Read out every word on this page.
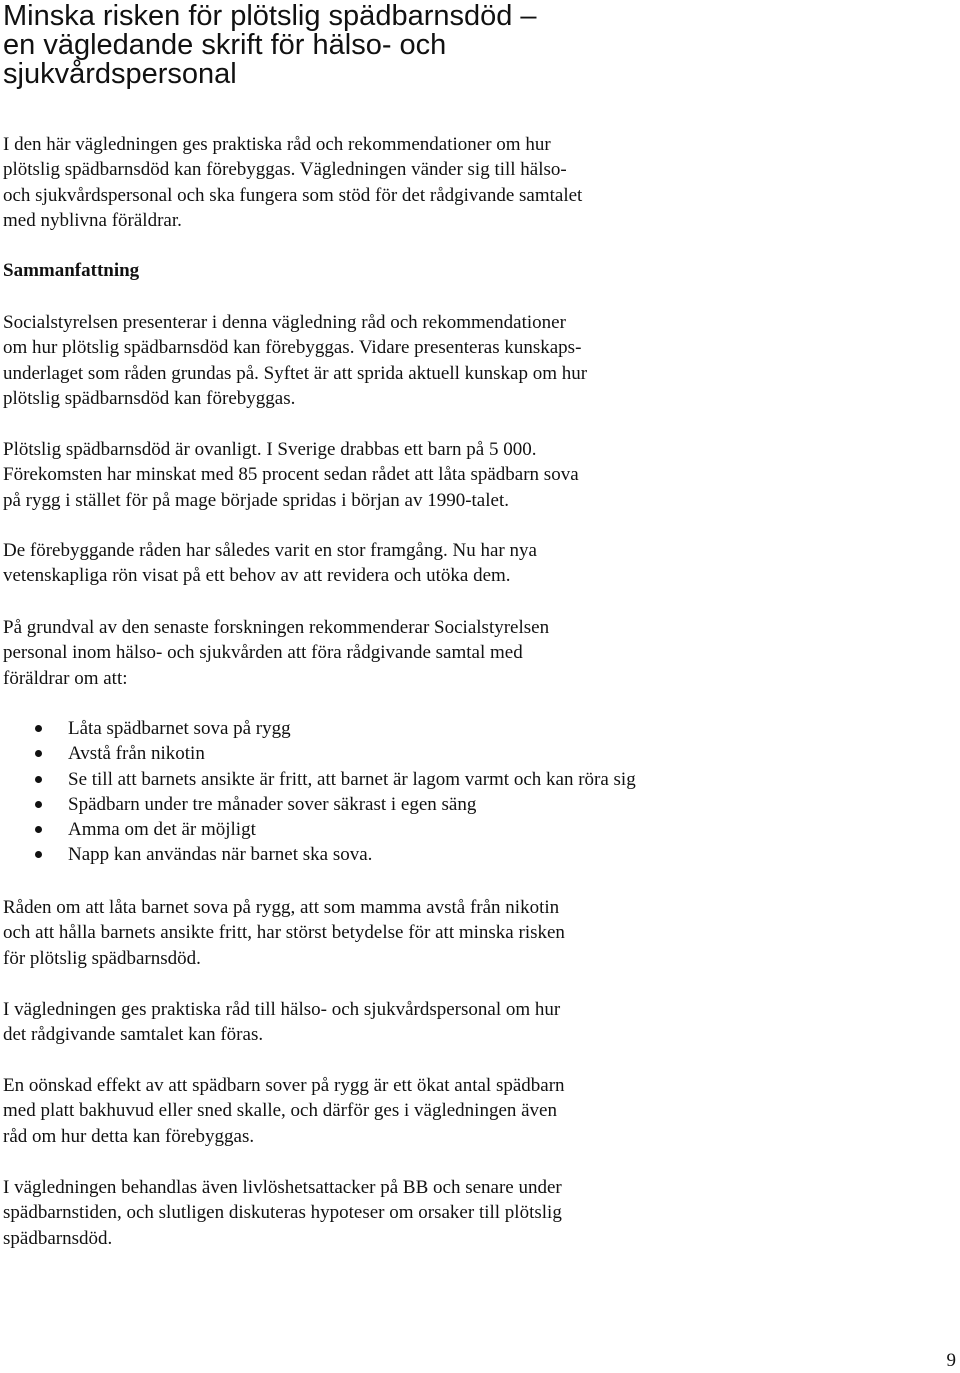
Minska risken för plötslig spädbarnsdöd –
en vägledande skrift för hälso- och
sjukvårdspersonal

I den här vägledningen ges praktiska råd och rekommendationer om hur
plötslig spädbarnsdöd kan förebyggas. Vägledningen vänder sig till hälso-
och sjukvårdspersonal och ska fungera som stöd för det rådgivande samtalet
med nyblivna föräldrar.

Sammanfattning

Socialstyrelsen presenterar i denna vägledning råd och rekommendationer
om hur plötslig spädbarnsdöd kan förebyggas. Vidare presenteras kunskaps-
underlaget som råden grundas på. Syftet är att sprida aktuell kunskap om hur
plötslig spädbarnsdöd kan förebyggas.

Plötslig spädbarnsdöd är ovanligt. I Sverige drabbas ett barn på 5 000.
Förekomsten har minskat med 85 procent sedan rådet att låta spädbarn sova
på rygg i stället för på mage började spridas i början av 1990-talet.

De förebyggande råden har således varit en stor framgång. Nu har nya
vetenskapliga rön visat på ett behov av att revidera och utöka dem.

På grundval av den senaste forskningen rekommenderar Socialstyrelsen
personal inom hälso- och sjukvården att föra rådgivande samtal med
föräldrar om att:

Låta spädbarnet sova på rygg
Avstå från nikotin
Se till att barnets ansikte är fritt, att barnet är lagom varmt och kan röra sig
Spädbarn under tre månader sover säkrast i egen säng
Amma om det är möjligt
Napp kan användas när barnet ska sova.

Råden om att låta barnet sova på rygg, att som mamma avstå från nikotin
och att hålla barnets ansikte fritt, har störst betydelse för att minska risken
för plötslig spädbarnsdöd.

I vägledningen ges praktiska råd till hälso- och sjukvårdspersonal om hur
det rådgivande samtalet kan föras.

En oönskad effekt av att spädbarn sover på rygg är ett ökat antal spädbarn
med platt bakhuvud eller sned skalle, och därför ges i vägledningen även
råd om hur detta kan förebyggas.

I vägledningen behandlas även livlöshetsattacker på BB och senare under
spädbarnstiden, och slutligen diskuteras hypoteser om orsaker till plötslig
spädbarnsdöd.

9
